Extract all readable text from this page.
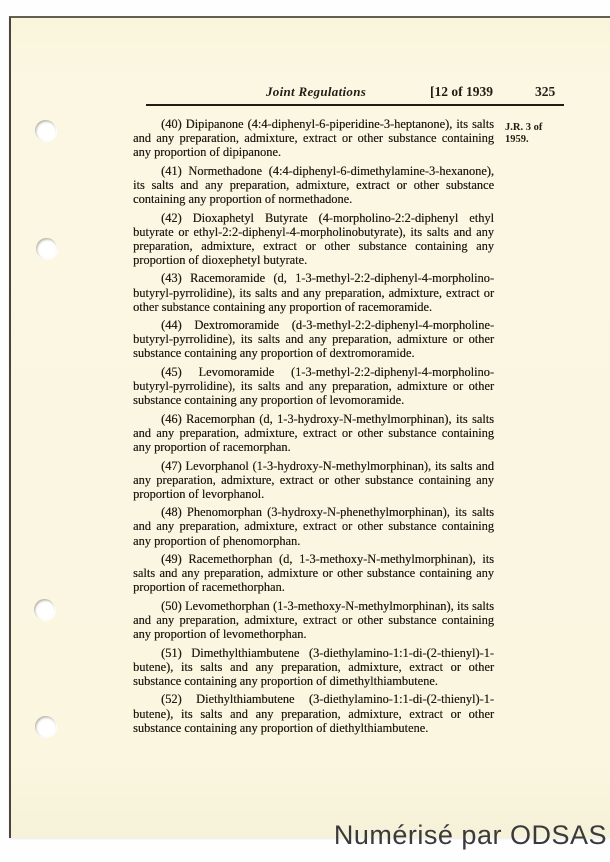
Joint Regulations	[12 of 1939	325
J.R. 3 of 1959.

(40) Dipipanone (4:4-diphenyl-6-piperidine-3-heptanone), its salts and any preparation, admixture, extract or other substance containing any proportion of dipipanone.

(41) Normethadone (4:4-diphenyl-6-dimethylamine-3-hexanone), its salts and any preparation, admixture, extract or other substance containing any proportion of normethadone.

(42) Dioxaphetyl Butyrate (4-morpholino-2:2-diphenyl ethyl butyrate or ethyl-2:2-diphenyl-4-morpholinobutyrate), its salts and any preparation, admixture, extract or other substance containing any proportion of dioxephetyl butyrate.

(43) Racemoramide (d, 1-3-methyl-2:2-diphenyl-4-morpholino-butyryl-pyrrolidine), its salts and any preparation, admixture, extract or other substance containing any proportion of racemoramide.

(44) Dextromoramide (d-3-methyl-2:2-diphenyl-4-morpholine-butyryl-pyrrolidine), its salts and any preparation, admixture or other substance containing any proportion of dextromoramide.

(45) Levomoramide (1-3-methyl-2:2-diphenyl-4-morpholino-butyryl-pyrrolidine), its salts and any preparation, admixture or other substance containing any proportion of levomoramide.

(46) Racemorphan (d, 1-3-hydroxy-N-methylmorphinan), its salts and any preparation, admixture, extract or other substance containing any proportion of racemorphan.

(47) Levorphanol (1-3-hydroxy-N-methylmorphinan), its salts and any preparation, admixture, extract or other substance containing any proportion of levorphanol.

(48) Phenomorphan (3-hydroxy-N-phenethylmorphinan), its salts and any preparation, admixture, extract or other substance containing any proportion of phenomorphan.

(49) Racemethorphan (d, 1-3-methoxy-N-methylmorphinan), its salts and any preparation, admixture or other substance containing any proportion of racemethorphan.

(50) Levomethorphan (1-3-methoxy-N-methylmorphinan), its salts and any preparation, admixture, extract or other substance containing any proportion of levomethorphan.

(51) Dimethylthiambutene (3-diethylamino-1:1-di-(2-thienyl)-1-butene), its salts and any preparation, admixture, extract or other substance containing any proportion of dimethylthiambutene.

(52) Diethylthiambutene (3-diethylamino-1:1-di-(2-thienyl)-1-butene), its salts and any preparation, admixture, extract or other substance containing any proportion of diethylthiambutene.

Numérisé par ODSAS
